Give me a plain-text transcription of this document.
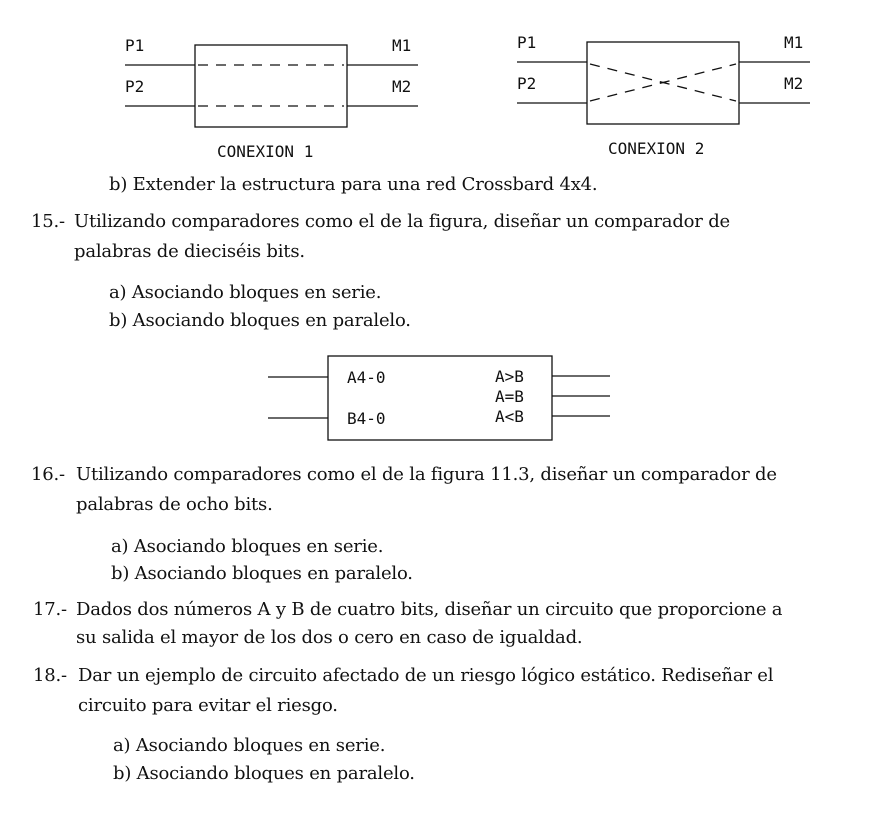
P1
P2
M1
M2
CONEXION 1
P1
P2
M1
M2
CONEXION 2
A4-0
B4-0
A>B
A=B
A<B
b) Extender la estructura para una red Crossbard 4x4.
15.- Utilizando comparadores como el de la figura, diseñar un comparador de
palabras de dieciséis bits.
a) Asociando bloques en serie.
b) Asociando bloques en paralelo.
16.- Utilizando comparadores como el de la figura 11.3, diseñar un comparador de
palabras de ocho bits.
a) Asociando bloques en serie.
b) Asociando bloques en paralelo.
17.- Dados dos números A y B de cuatro bits, diseñar un circuito que proporcione a
su salida el mayor de los dos o cero en caso de igualdad.
18.- Dar un ejemplo de circuito afectado de un riesgo lógico estático. Rediseñar el
circuito para evitar el riesgo.
a) Asociando bloques en serie.
b) Asociando bloques en paralelo.
